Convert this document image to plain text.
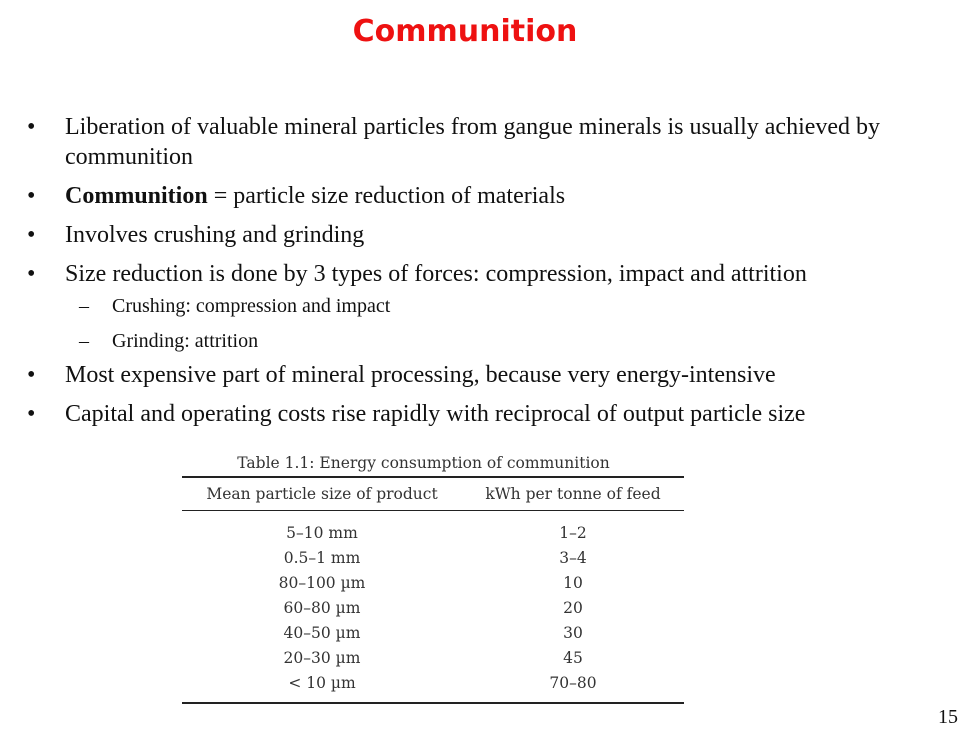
Communition
•	Liberation of valuable mineral particles from gangue minerals is usually achieved by communition
•	Communition = particle size reduction of materials
•	Involves crushing and grinding
•	Size reduction is done by 3 types of forces: compression, impact and attrition
– Crushing: compression and impact
– Grinding: attrition
•	Most expensive part of mineral processing, because very energy-intensive
•	Capital and operating costs rise rapidly with reciprocal of output particle size
Table 1.1: Energy consumption of communition
Mean particle size of product	kWh per tonne of feed
5–10 mm	1–2
0.5–1 mm	3–4
80–100 µm	10
60–80 µm	20
40–50 µm	30
20–30 µm	45
< 10 µm	70–80
15
